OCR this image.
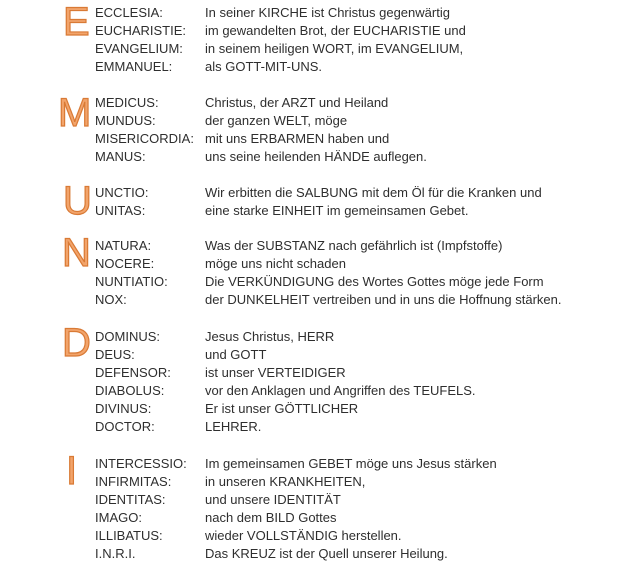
E ECCLESIA:	In seiner KIRCHE ist Christus gegenwärtig
EUCHARISTIE: im gewandelten Brot, der EUCHARISTIE und
EVANGELIUM: in seinem heiligen WORT, im EVANGELIUM,
EMMANUEL:	als GOTT-MIT-UNS.
M MEDICUS:	Christus, der ARZT und Heiland
MUNDUS:	der ganzen WELT, möge
MISERICORDIA: mit uns ERBARMEN haben und
MANUS:	uns seine heilenden HÄNDE auflegen.
U UNCTIO:	Wir erbitten die SALBUNG mit dem Öl für die Kranken und
UNITAS:	eine starke EINHEIT im gemeinsamen Gebet.
N NATURA:	Was der SUBSTANZ nach gefährlich ist (Impfstoffe)
NOCERE:	möge uns nicht schaden
NUNTIATIO:	Die VERKÜNDIGUNG des Wortes Gottes möge jede Form
NOX:	der DUNKELHEIT vertreiben und in uns die Hoffnung stärken.
D DOMINUS:	Jesus Christus, HERR
DEUS:	und GOTT
DEFENSOR:	ist unser VERTEIDIGER
DIABOLUS:	vor den Anklagen und Angriffen des TEUFELS.
DIVINUS:	Er ist unser GÖTTLICHER
DOCTOR:	LEHRER.
I INTERCESSIO: Im gemeinsamen GEBET möge uns Jesus stärken
INFIRMITAS:	in unseren KRANKHEITEN,
IDENTITAS:	und unsere IDENTITÄT
IMAGO:	nach dem BILD Gottes
ILLIBATUS:	wieder VOLLSTÄNDIG herstellen.
I.N.R.I.	Das KREUZ ist der Quell unserer Heilung.
